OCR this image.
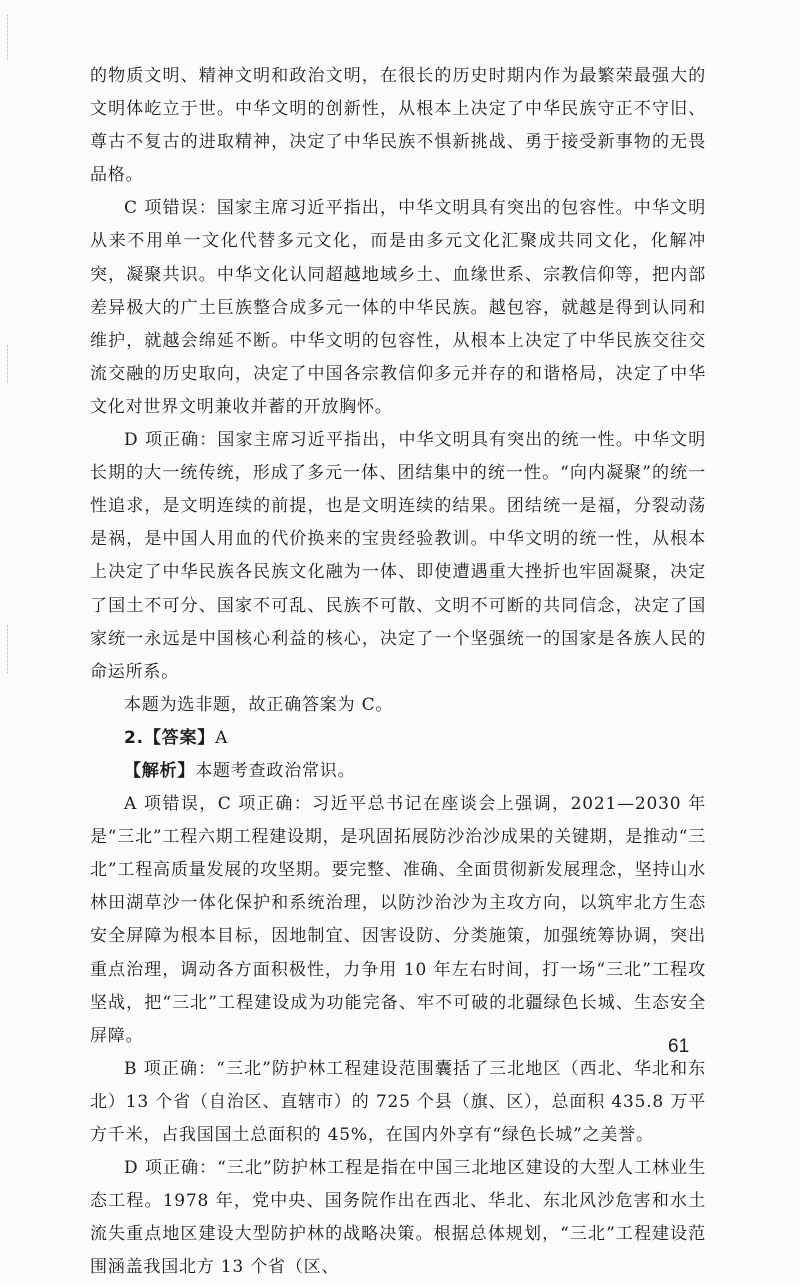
的物质文明、精神文明和政治文明，在很长的历史时期内作为最繁荣最强大的文明体屹立于世。中华文明的创新性，从根本上决定了中华民族守正不守旧、尊古不复古的进取精神，决定了中华民族不惧新挑战、勇于接受新事物的无畏品格。

C 项错误：国家主席习近平指出，中华文明具有突出的包容性。中华文明从来不用单一文化代替多元文化，而是由多元文化汇聚成共同文化，化解冲突，凝聚共识。中华文化认同超越地域乡土、血缘世系、宗教信仰等，把内部差异极大的广土巨族整合成多元一体的中华民族。越包容，就越是得到认同和维护，就越会绵延不断。中华文明的包容性，从根本上决定了中华民族交往交流交融的历史取向，决定了中国各宗教信仰多元并存的和谐格局，决定了中华文化对世界文明兼收并蓄的开放胸怀。

D 项正确：国家主席习近平指出，中华文明具有突出的统一性。中华文明长期的大一统传统，形成了多元一体、团结集中的统一性。“向内凝聚”的统一性追求，是文明连续的前提，也是文明连续的结果。团结统一是福，分裂动荡是祸，是中国人用血的代价换来的宝贵经验教训。中华文明的统一性，从根本上决定了中华民族各民族文化融为一体、即使遭遇重大挫折也牢固凝聚，决定了国土不可分、国家不可乱、民族不可散、文明不可断的共同信念，决定了国家统一永远是中国核心利益的核心，决定了一个坚强统一的国家是各族人民的命运所系。

本题为选非题，故正确答案为 C。

2.【答案】A

【解析】本题考查政治常识。

A 项错误，C 项正确：习近平总书记在座谈会上强调，2021—2030 年是“三北”工程六期工程建设期，是巩固拓展防沙治沙成果的关键期，是推动“三北”工程高质量发展的攻坚期。要完整、准确、全面贯彻新发展理念，坚持山水林田湖草沙一体化保护和系统治理，以防沙治沙为主攻方向，以筑牢北方生态安全屏障为根本目标，因地制宜、因害设防、分类施策，加强统筹协调，突出重点治理，调动各方面积极性，力争用 10 年左右时间，打一场“三北”工程攻坚战，把“三北”工程建设成为功能完备、牢不可破的北疆绿色长城、生态安全屏障。

B 项正确：“三北”防护林工程建设范围囊括了三北地区（西北、华北和东北）13 个省（自治区、直辖市）的 725 个县（旗、区），总面积 435.8 万平方千米，占我国国土总面积的 45%，在国内外享有“绿色长城”之美誉。

D 项正确：“三北”防护林工程是指在中国三北地区建设的大型人工林业生态工程。1978 年，党中央、国务院作出在西北、华北、东北风沙危害和水土流失重点地区建设大型防护林的战略决策。根据总体规划，“三北”工程建设范围涵盖我国北方 13 个省（区、

61
